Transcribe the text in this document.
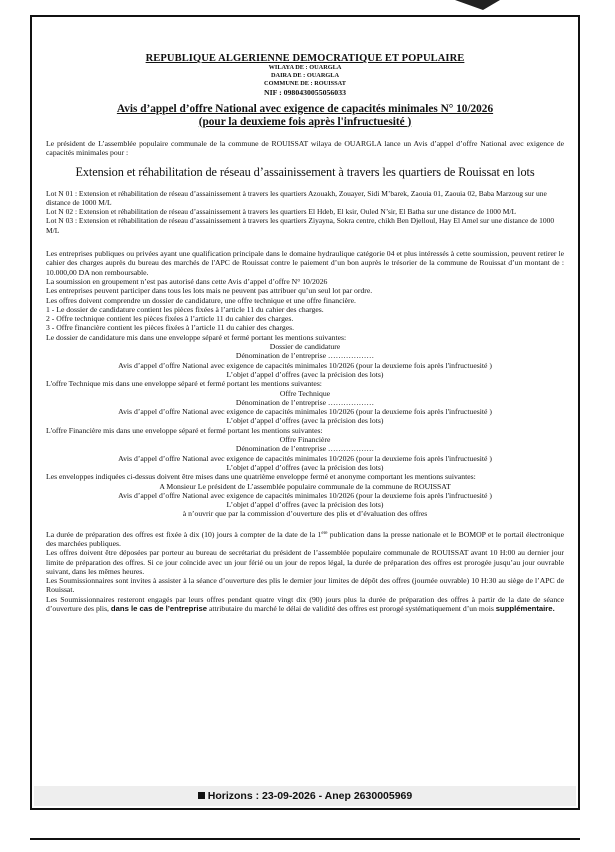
REPUBLIQUE ALGERIENNE DEMOCRATIQUE ET POPULAIRE
WILAYA DE : OUARGLA
DAIRA DE : OUARGLA
COMMUNE DE : ROUISSAT
NIF : 0980430055056033
Avis d’appel d’offre National avec exigence de capacités minimales N° 10/2026
(pour la deuxieme fois après l'infructuesité )

Le président de L’assemblée populaire communale de la commune de ROUISSAT wilaya de OUARGLA lance un Avis d’appel d’offre National avec exigence de capacités minimales pour :

Extension et réhabilitation de réseau d’assainissement à travers les quartiers de Rouissat en lots

Lot N 01 : Extension et réhabilitation de réseau d’assainissement à travers les quartiers Azouakh, Zouayer, Sidi M’barek, Zaouia 01, Zaouia 02, Baba Marzoug sur une distance de 1000 M/L

Lot N 02 : Extension et réhabilitation de réseau d’assainissement à travers les quartiers El Hdeb, El ksir, Ouled N’sir, El Batha sur une distance de 1000 M/L

Lot N 03 : Extension et réhabilitation de réseau d’assainissement à travers les quartiers Ziyayna, Sokra centre, chikh Ben Djelloul, Hay El Amel sur une distance de 1000 M/L

Les entreprises publiques ou privées ayant une qualification principale dans le domaine hydraulique catégorie 04 et plus intéressés à cette soumission, peuvent retirer le cahier des charges auprès du bureau des marchés de l'APC de Rouissat contre le paiement d’un bon auprès le trésorier de la commune de Rouissat d’un montant de : 10.000,00 DA non remboursable.

La soumission en groupement n’est pas autorisé dans cette Avis d’appel d’offre N° 10/2026

Les entreprises peuvent participer dans tous les lots mais ne peuvent pas attribuer qu’un seul lot par ordre.

Les offres doivent comprendre un dossier de candidature, une offre technique et une offre financière.

1 - Le dossier de candidature contient les pièces fixées à l’article 11 du cahier des charges.

2 - Offre technique contient les pièces fixées à l’article 11 du cahier des charges.

3 - Offre financière contient les pièces fixées à l’article 11 du cahier des charges.

Le dossier de candidature mis dans une enveloppe séparé et fermé portant les mentions suivantes:

Dossier de candidature

Dénomination de l’entreprise ………………

Avis d’appel d’offre National avec exigence de capacités minimales 10/2026 (pour la deuxieme fois après l'infructuesité )

L’objet d’appel d’offres (avec la précision des lots)

L'offre Technique mis dans une enveloppe séparé et fermé portant les mentions suivantes:

Offre Technique

Dénomination de l’entreprise ………………

Avis d’appel d’offre National avec exigence de capacités minimales 10/2026 (pour la deuxieme fois après l'infructuesité )

L’objet d’appel d’offres (avec la précision des lots)

L'offre Financière mis dans une enveloppe séparé et fermé portant les mentions suivantes:

Offre Financière

Dénomination de l’entreprise ………………

Avis d’appel d’offre National avec exigence de capacités minimales 10/2026 (pour la deuxieme fois après l'infructuesité )

L’objet d’appel d’offres (avec la précision des lots)

Les enveloppes indiquées ci-dessus doivent être mises dans une quatrième enveloppe fermé et anonyme comportant les mentions suivantes:

A Monsieur Le président de L’assemblée populaire communale de la commune de ROUISSAT

Avis d’appel d’offre National avec exigence de capacités minimales 10/2026 (pour la deuxieme fois après l'infructuesité )

L’objet d’appel d’offres (avec la précision des lots)

à n’ouvrir que par la commission d’ouverture des plis et d’évaluation des offres

La durée de préparation des offres est fixée à dix (10) jours à compter de la date de la 1ere publication dans la presse nationale et le BOMOP et le portail électronique des marchées publiques.

Les offres doivent être déposées par porteur au bureau de secrétariat du président de l’assemblée populaire communale de ROUISSAT avant 10 H:00 au dernier jour limite de préparation des offres. Si ce jour coïncide avec un jour férié ou un jour de repos légal, la durée de préparation des offres est prorogée jusqu’au jour ouvrable suivant, dans les mêmes heures.

Les Soumissionnaires sont invites à assister à la séance d’ouverture des plis le dernier jour limites de dépôt des offres (journée ouvrable) 10 H:30 au siège de l’APC de Rouissat.

Les Soumissionnaires resteront engagés par leurs offres pendant quatre vingt dix (90) jours plus la durée de préparation des offres à partir de la date de séance d’ouverture des plis, dans le cas de l’entreprise attributaire du marché le délai de validité des offres est prorogé systématiquement d’un mois supplémentaire.

Horizons : 23-09-2026 - Anep 2630005969
